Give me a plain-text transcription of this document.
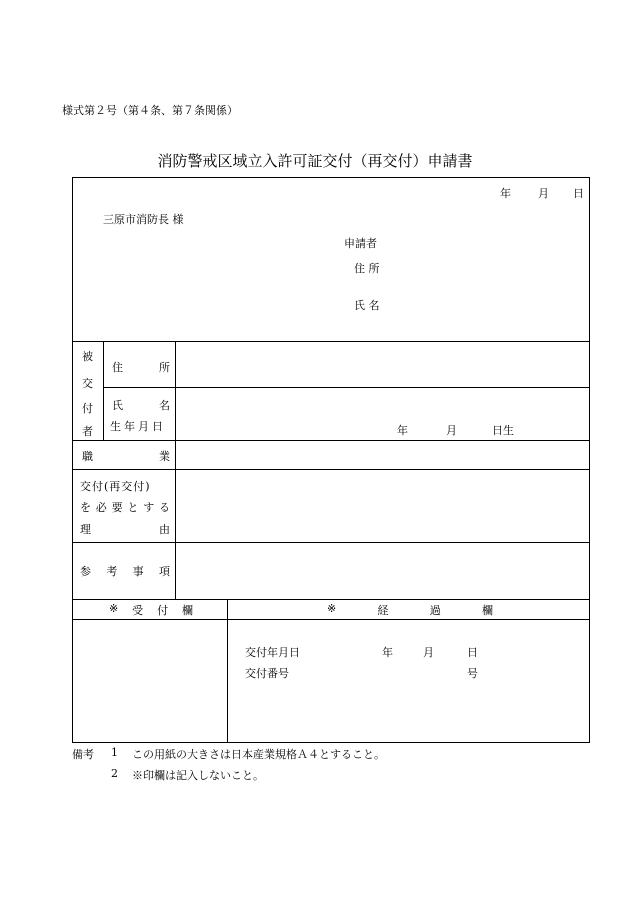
様式第２号（第４条、第７条関係）
消防警戒区域立入許可証交付（再交付）申請書
年 月 日
三原市消防長 様
申請者
住 所
氏 名
被
交
付
者
住	所
氏	名
生年月日	年	月	日生
職	業
交付(再交付)
を 必 要 と す る
理	由
参 考 事 項
※ 受 付 欄	※	経	過	欄
交付年月日	年	月	日
交付番号	号
備考 1 この用紙の大きさは日本産業規格Ａ４とすること。
2 ※印欄は記入しないこと。
